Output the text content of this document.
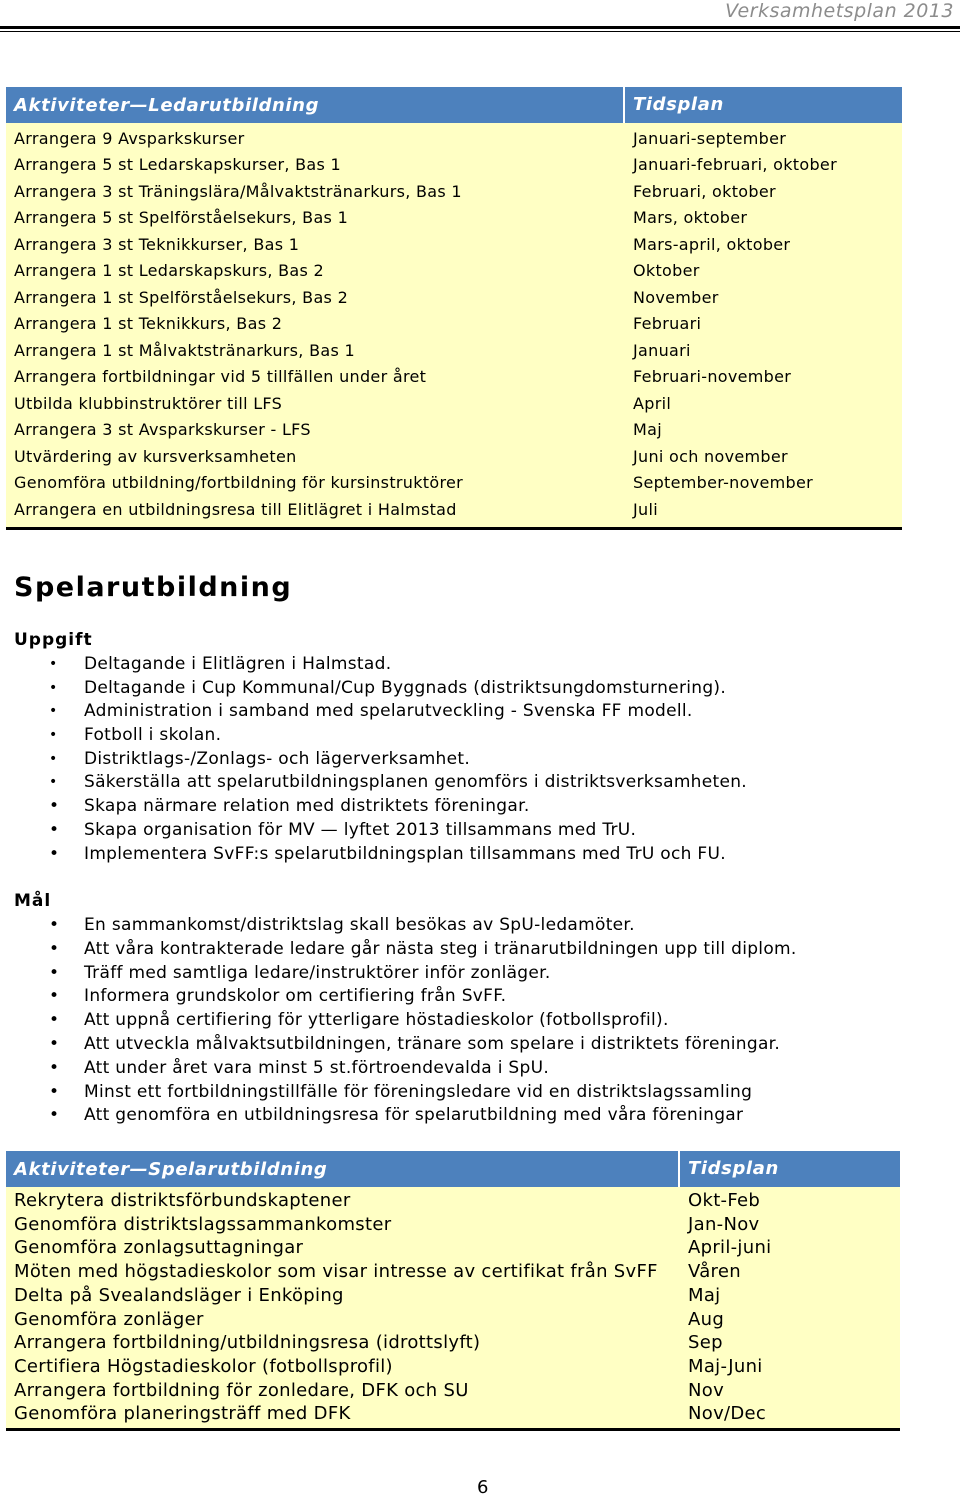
Verksamhetsplan 2013
Aktiviteter—Ledarutbildning	Tidsplan
Arrangera 9 Avsparkskurser	Januari-september
Arrangera 5 st Ledarskapskurser, Bas 1	Januari-februari, oktober
Arrangera 3 st Träningslära/Målvaktstränarkurs, Bas 1	Februari, oktober
Arrangera 5 st Spelförståelsekurs, Bas 1	Mars, oktober
Arrangera 3 st Teknikkurser, Bas 1	Mars-april, oktober
Arrangera 1 st Ledarskapskurs, Bas 2	Oktober
Arrangera 1 st Spelförståelsekurs, Bas 2	November
Arrangera 1 st Teknikkurs, Bas 2	Februari
Arrangera 1 st Målvaktstränarkurs, Bas 1	Januari
Arrangera fortbildningar vid 5 tillfällen under året	Februari-november
Utbilda klubbinstruktörer till LFS	April
Arrangera 3 st Avsparkskurser - LFS	Maj
Utvärdering av kursverksamheten	Juni och november
Genomföra utbildning/fortbildning för kursinstruktörer	September-november
Arrangera en utbildningsresa till Elitlägret i Halmstad	Juli
Spelarutbildning
Uppgift
• Deltagande i Elitlägren i Halmstad.
• Deltagande i Cup Kommunal/Cup Byggnads (distriktsungdomsturnering).
• Administration i samband med spelarutveckling - Svenska FF modell.
• Fotboll i skolan.
• Distriktlags-/Zonlags- och lägerverksamhet.
• Säkerställa att spelarutbildningsplanen genomförs i distriktsverksamheten.
• Skapa närmare relation med distriktets föreningar.
• Skapa organisation för MV — lyftet 2013 tillsammans med TrU.
• Implementera SvFF:s spelarutbildningsplan tillsammans med TrU och FU.
Mål
• En sammankomst/distriktslag skall besökas av SpU-ledamöter.
• Att våra kontrakterade ledare går nästa steg i tränarutbildningen upp till diplom.
• Träff med samtliga ledare/instruktörer inför zonläger.
• Informera grundskolor om certifiering från SvFF.
• Att uppnå certifiering för ytterligare höstadieskolor (fotbollsprofil).
• Att utveckla målvaktsutbildningen, tränare som spelare i distriktets föreningar.
• Att under året vara minst 5 st.förtroendevalda i SpU.
• Minst ett fortbildningstillfälle för föreningsledare vid en distriktslagssamling
• Att genomföra en utbildningsresa för spelarutbildning med våra föreningar
Aktiviteter—Spelarutbildning	Tidsplan
Rekrytera distriktsförbundskaptener	Okt-Feb
Genomföra distriktslagssammankomster	Jan-Nov
Genomföra zonlagsuttagningar	April-juni
Möten med högstadieskolor som visar intresse av certifikat från SvFF	Våren
Delta på Svealandsläger i Enköping	Maj
Genomföra zonläger	Aug
Arrangera fortbildning/utbildningsresa (idrottslyft)	Sep
Certifiera Högstadieskolor (fotbollsprofil)	Maj-Juni
Arrangera fortbildning för zonledare, DFK och SU	Nov
Genomföra planeringsträff med DFK	Nov/Dec
6
